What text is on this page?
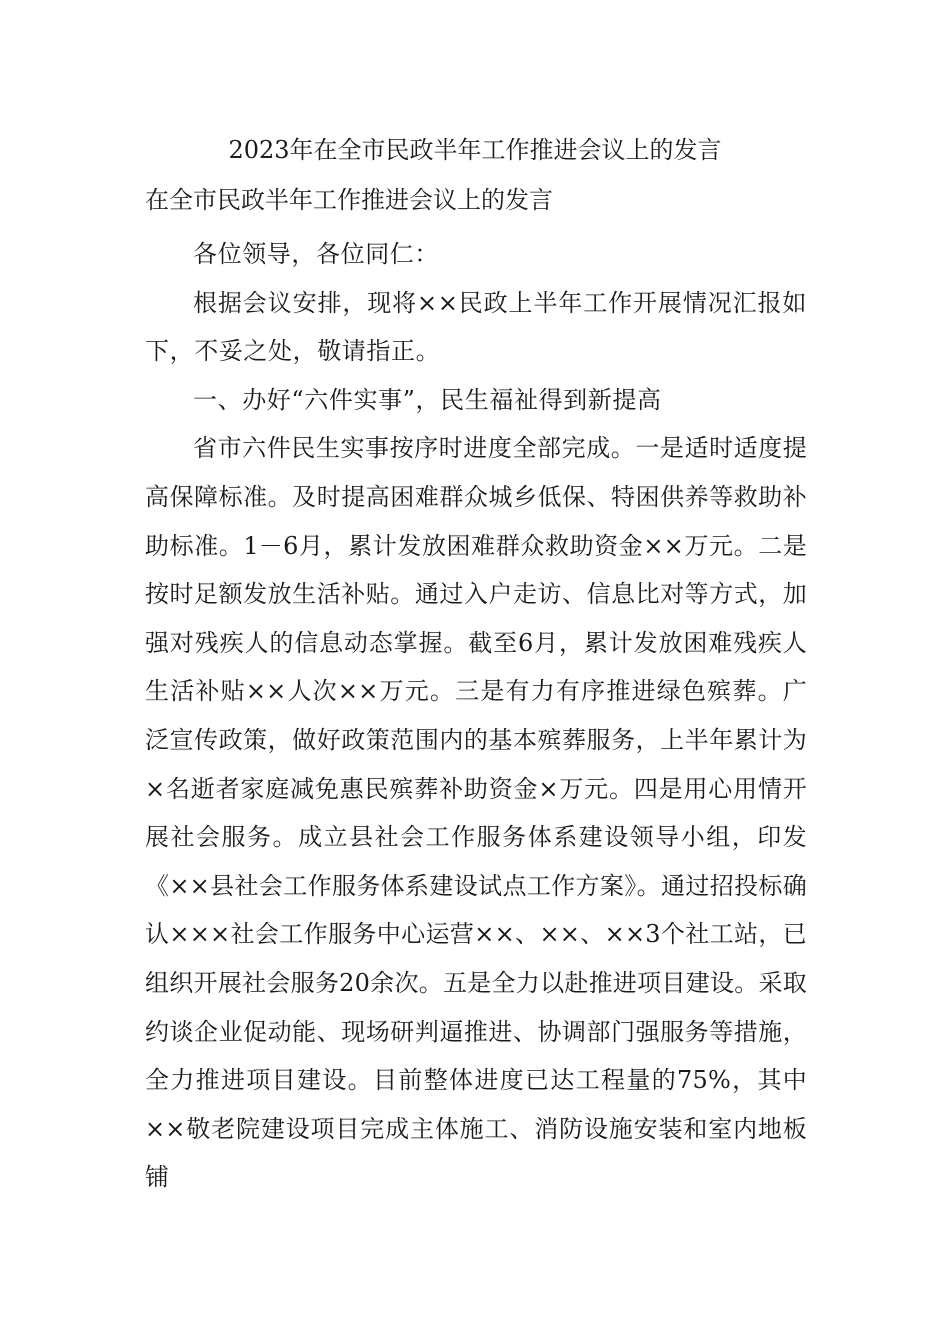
2023年在全市民政半年工作推进会议上的发言
在全市民政半年工作推进会议上的发言

各位领导，各位同仁：

根据会议安排，现将××民政上半年工作开展情况汇报如下，不妥之处，敬请指正。

一、办好“六件实事”，民生福祉得到新提高

省市六件民生实事按序时进度全部完成。一是适时适度提高保障标准。及时提高困难群众城乡低保、特困供养等救助补助标准。1－6月，累计发放困难群众救助资金××万元。二是按时足额发放生活补贴。通过入户走访、信息比对等方式，加强对残疾人的信息动态掌握。截至6月，累计发放困难残疾人生活补贴××人次××万元。三是有力有序推进绿色殡葬。广泛宣传政策，做好政策范围内的基本殡葬服务，上半年累计为×名逝者家庭减免惠民殡葬补助资金×万元。四是用心用情开展社会服务。成立县社会工作服务体系建设领导小组，印发《××县社会工作服务体系建设试点工作方案》。通过招投标确认×××社会工作服务中心运营××、××、××3个社工站，已组织开展社会服务20余次。五是全力以赴推进项目建设。采取约谈企业促动能、现场研判逼推进、协调部门强服务等措施，全力推进项目建设。目前整体进度已达工程量的75%，其中××敬老院建设项目完成主体施工、消防设施安装和室内地板铺
